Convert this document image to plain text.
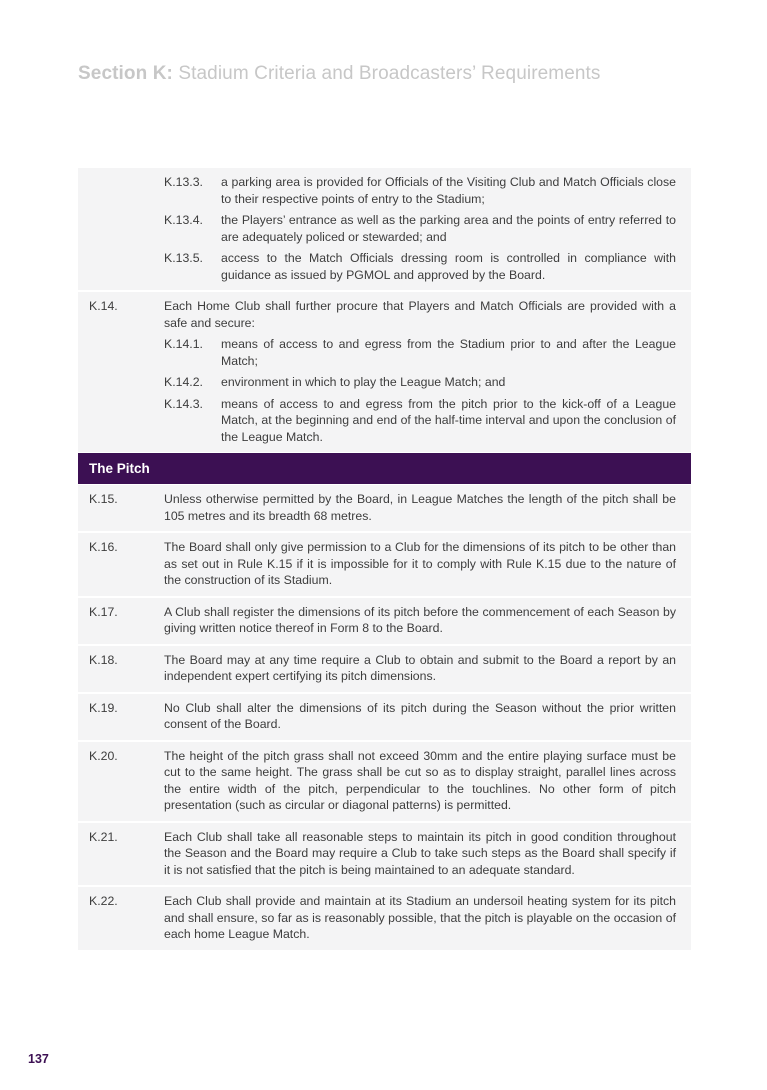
Section K: Stadium Criteria and Broadcasters’ Requirements
K.13.3.	a parking area is provided for Officials of the Visiting Club and Match Officials close to their respective points of entry to the Stadium;
K.13.4.	the Players’ entrance as well as the parking area and the points of entry referred to are adequately policed or stewarded; and
K.13.5.	access to the Match Officials dressing room is controlled in compliance with guidance as issued by PGMOL and approved by the Board.
K.14.	Each Home Club shall further procure that Players and Match Officials are provided with a safe and secure:
K.14.1.	means of access to and egress from the Stadium prior to and after the League Match;
K.14.2.	environment in which to play the League Match; and
K.14.3.	means of access to and egress from the pitch prior to the kick-off of a League Match, at the beginning and end of the half-time interval and upon the conclusion of the League Match.
The Pitch
K.15.	Unless otherwise permitted by the Board, in League Matches the length of the pitch shall be 105 metres and its breadth 68 metres.
K.16.	The Board shall only give permission to a Club for the dimensions of its pitch to be other than as set out in Rule K.15 if it is impossible for it to comply with Rule K.15 due to the nature of the construction of its Stadium.
K.17.	A Club shall register the dimensions of its pitch before the commencement of each Season by giving written notice thereof in Form 8 to the Board.
K.18.	The Board may at any time require a Club to obtain and submit to the Board a report by an independent expert certifying its pitch dimensions.
K.19.	No Club shall alter the dimensions of its pitch during the Season without the prior written consent of the Board.
K.20.	The height of the pitch grass shall not exceed 30mm and the entire playing surface must be cut to the same height. The grass shall be cut so as to display straight, parallel lines across the entire width of the pitch, perpendicular to the touchlines. No other form of pitch presentation (such as circular or diagonal patterns) is permitted.
K.21.	Each Club shall take all reasonable steps to maintain its pitch in good condition throughout the Season and the Board may require a Club to take such steps as the Board shall specify if it is not satisfied that the pitch is being maintained to an adequate standard.
K.22.	Each Club shall provide and maintain at its Stadium an undersoil heating system for its pitch and shall ensure, so far as is reasonably possible, that the pitch is playable on the occasion of each home League Match.
137
